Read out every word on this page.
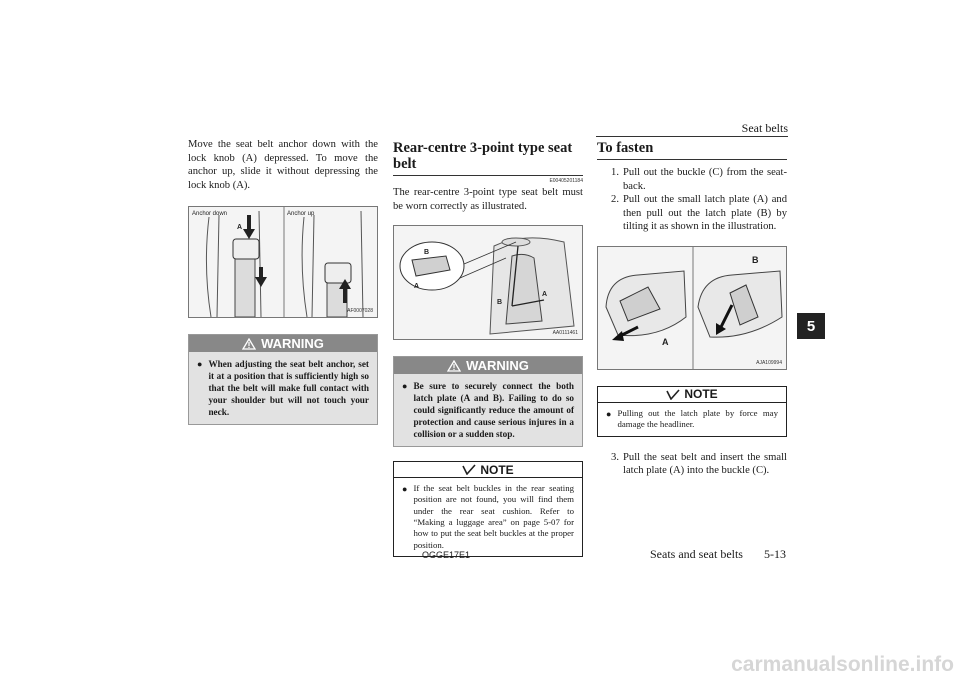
Seat belts
5

Move the seat belt anchor down with the lock knob (A) depressed. To move the anchor up, slide it without depressing the lock knob (A).

Anchor down	Anchor up
A
AF0007028
WARNING
● When adjusting the seat belt anchor, set it at a position that is sufficiently high so that the belt will make full contact with your shoulder but will not touch your neck.
Rear-centre 3-point type seat belt
E00405201184

The rear-centre 3-point type seat belt must be worn correctly as illustrated.

B
A
B
A
AA0111461
WARNING
● Be sure to securely connect the both latch plate (A and B). Failing to do so could significantly reduce the amount of protection and cause serious injures in a collision or a sudden stop.
NOTE
● If the seat belt buckles in the rear seating position are not found, you will find them under the rear seat cushion. Refer to “Making a luggage area” on page 5-07 for how to put the seat belt buckles at the proper position.
To fasten
1. Pull out the buckle (C) from the seat-back.
2. Pull out the small latch plate (A) and then pull out the latch plate (B) by tilting it as shown in the illustration.
A
B
AJA109994
NOTE
● Pulling out the latch plate by force may damage the headliner.
3. Pull the seat belt and insert the small latch plate (A) into the buckle (C).
OGGE17E1	Seats and seat belts 5-13
carmanualsonline.info
